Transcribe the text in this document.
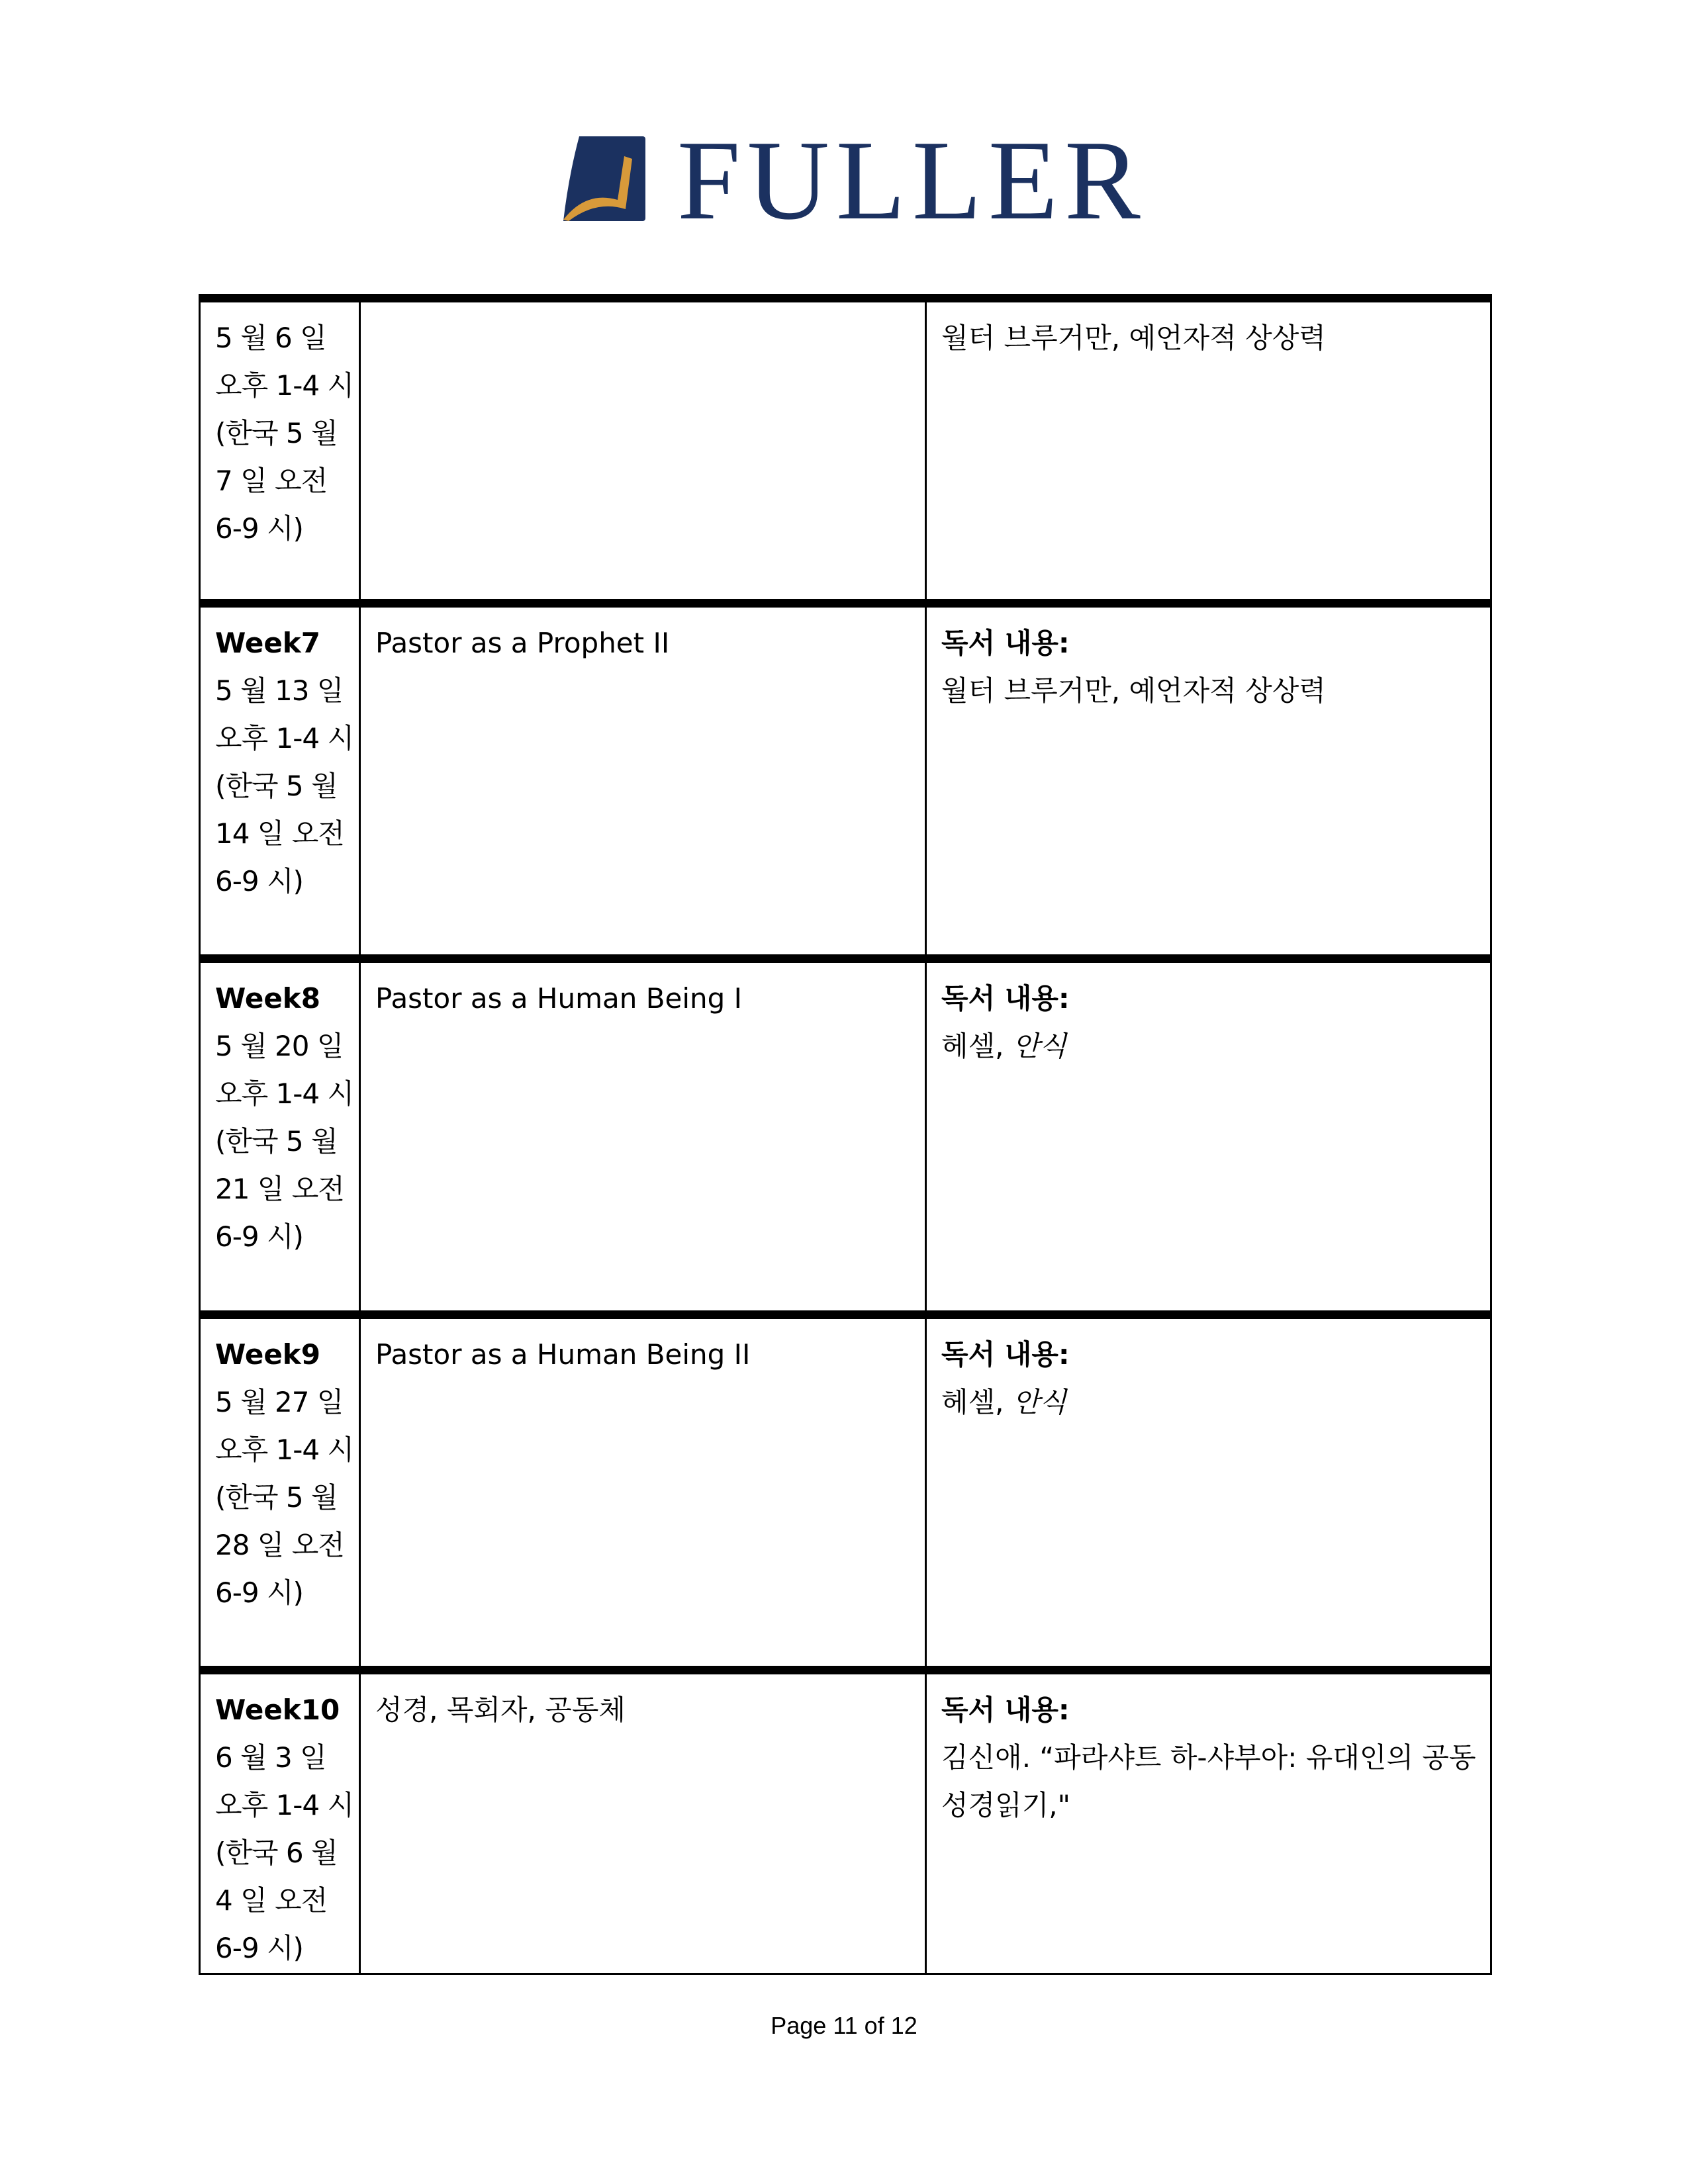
FULLER
5 월 6 일
오후 1-4 시
(한국 5 월
7 일 오전
6-9 시)		월터 브루거만, 예언자적 상상력

Week7
5 월 13 일
오후 1-4 시
(한국 5 월
14 일 오전
6-9 시)
	Pastor as a Prophet II	독서 내용:
월터 브루거만, 예언자적 상상력

Week8
5 월 20 일
오후 1-4 시
(한국 5 월
21 일 오전
6-9 시)
	Pastor as a Human Being I	독서 내용:
헤셀, 안식

Week9
5 월 27 일
오후 1-4 시
(한국 5 월
28 일 오전
6-9 시)
	Pastor as a Human Being II	독서 내용:
헤셀, 안식

Week10
6 월 3 일
오후 1-4 시
(한국 6 월
4 일 오전
6-9 시)
	성경, 목회자, 공동체	독서 내용:
김신애. “파라샤트 하-샤부아: 유대인의 공동성경읽기,"
Page 11 of 12
